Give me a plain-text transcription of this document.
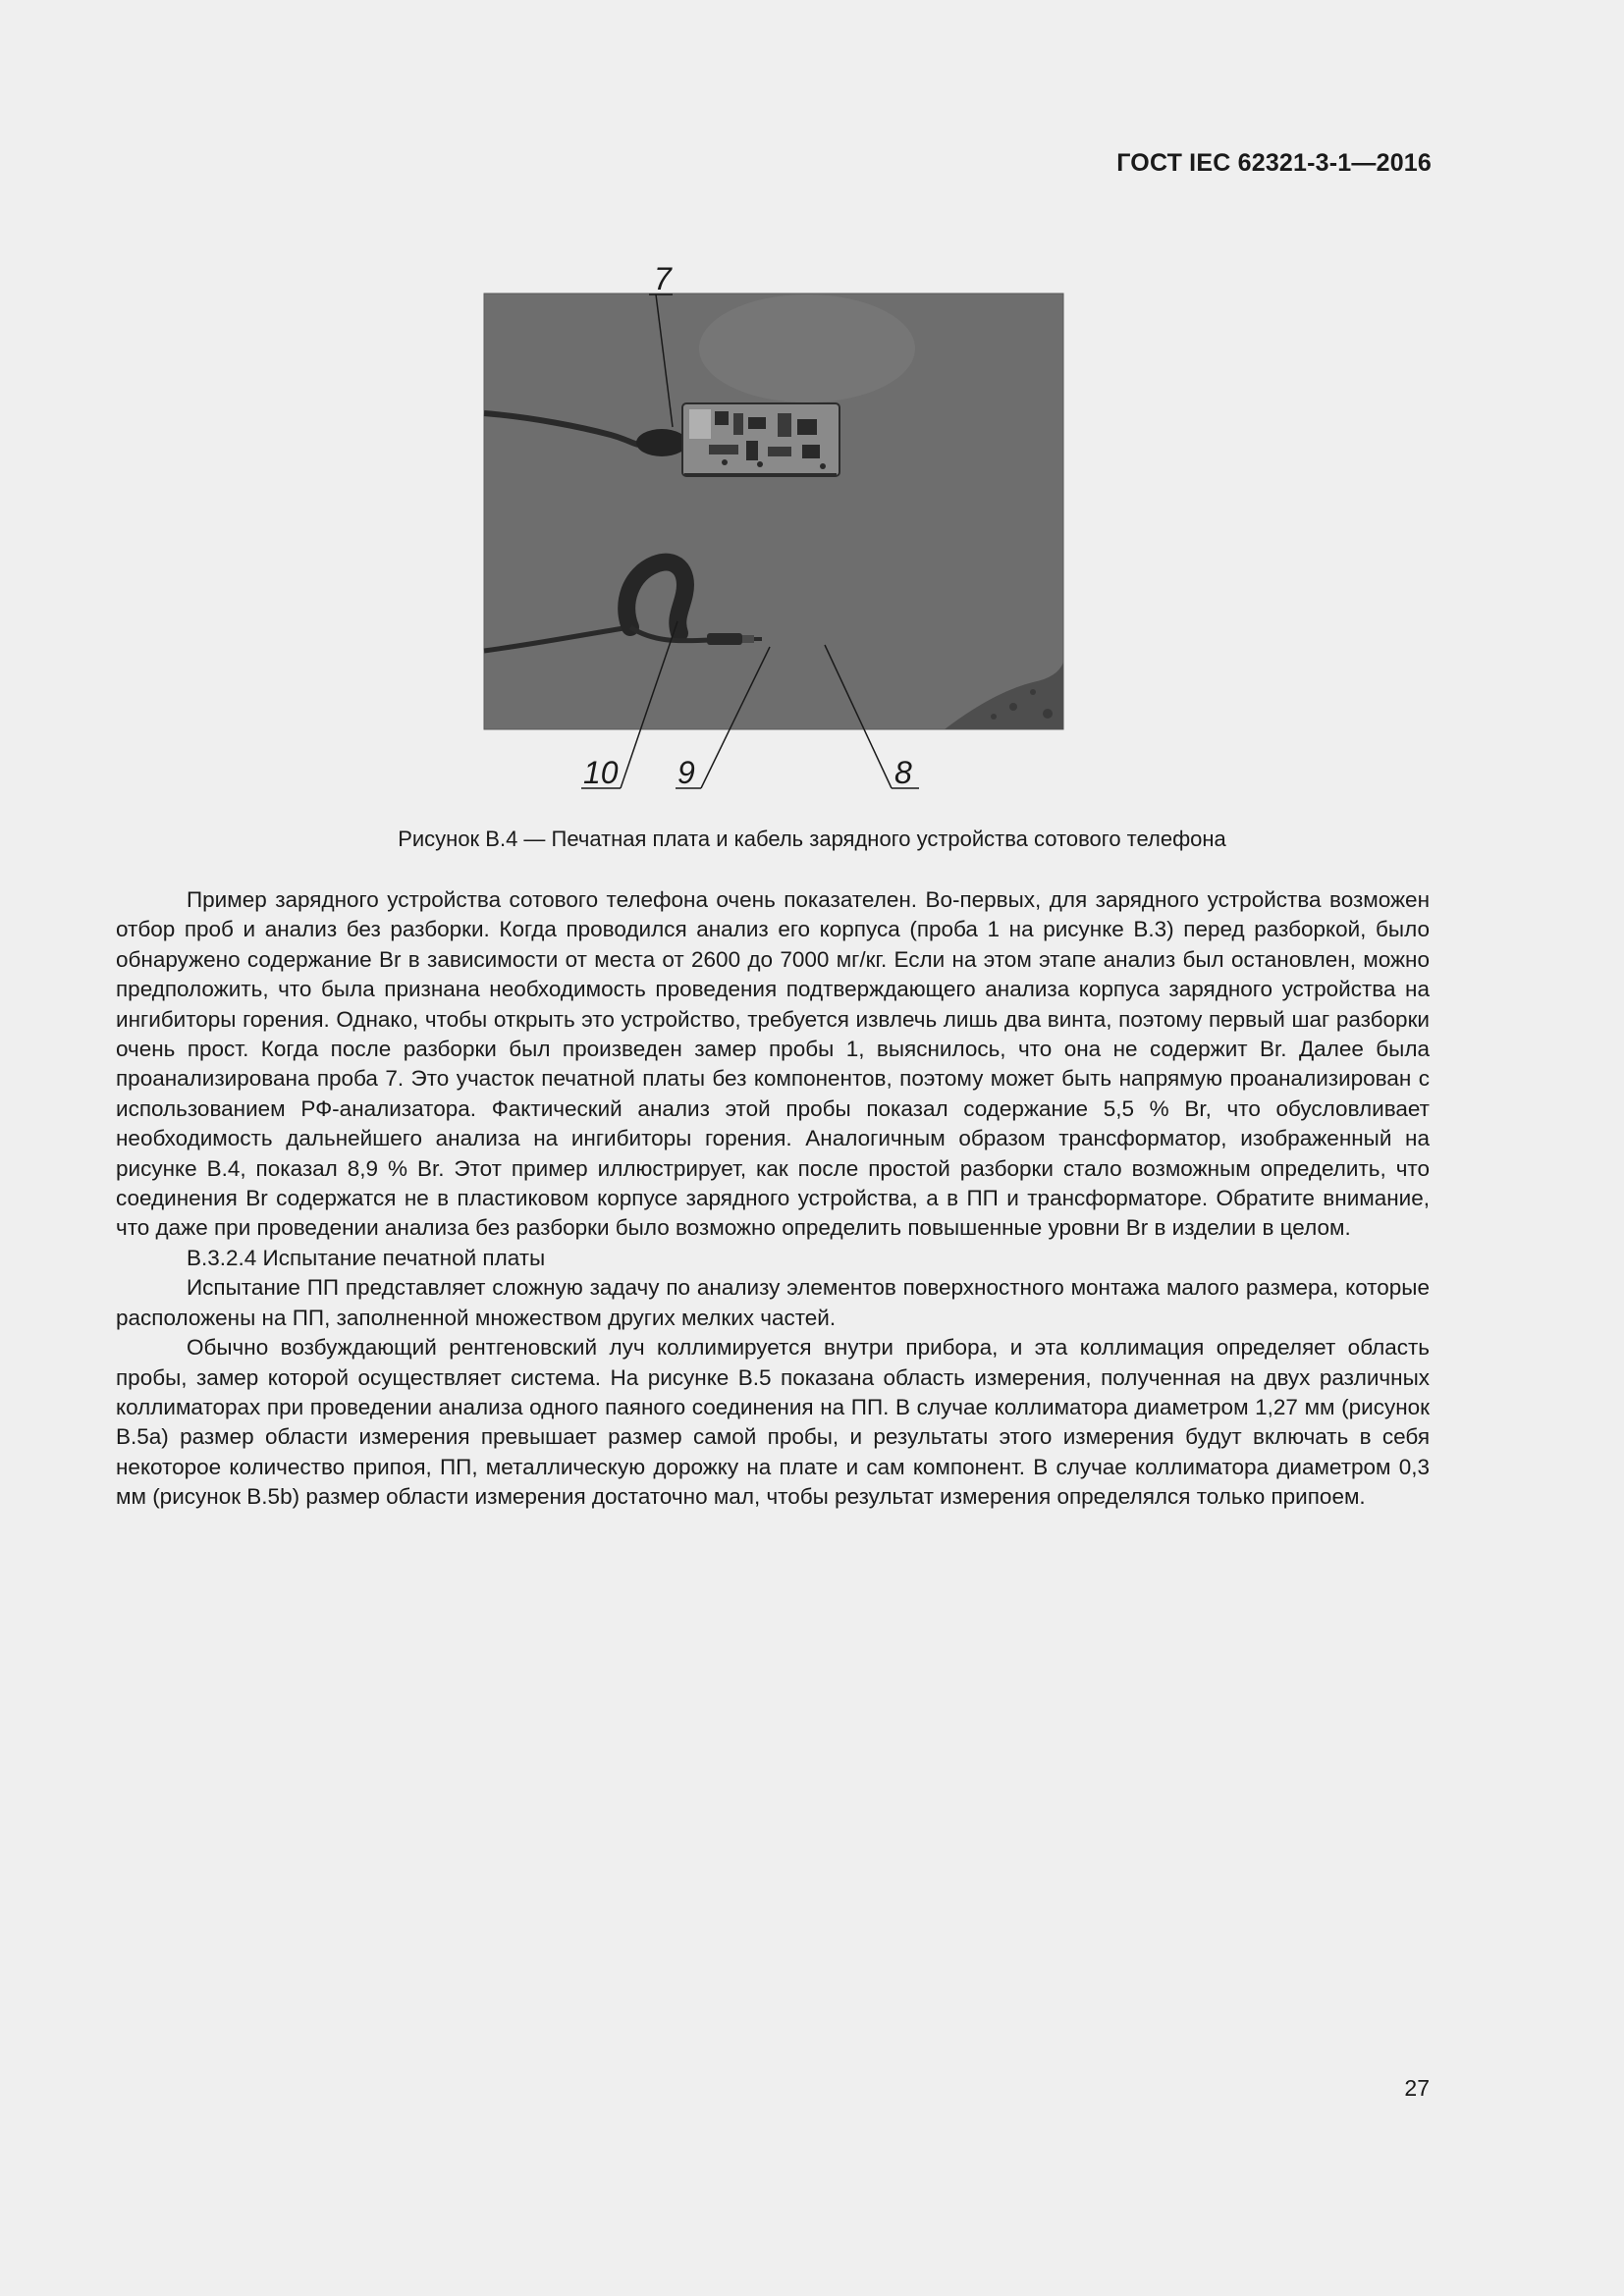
ГОСТ IEC 62321-3-1—2016
7
10 9	8
Рисунок В.4 — Печатная плата и кабель зарядного устройства сотового телефона

Пример зарядного устройства сотового телефона очень показателен. Во-первых, для зарядного устройства возможен отбор проб и анализ без разборки. Когда проводился анализ его корпуса (проба 1 на рисунке В.3) перед разборкой, было обнаружено содержание Br в зависимости от места от 2600 до 7000 мг/кг. Если на этом этапе анализ был остановлен, можно предположить, что была признана необходимость проведения подтверждающего анализа корпуса зарядного устройства на ингибиторы горения. Однако, чтобы открыть это устройство, требуется извлечь лишь два винта, поэтому первый шаг разборки очень прост. Когда после разборки был произведен замер пробы 1, выяснилось, что она не содержит Br. Далее была проанализирована проба 7. Это участок печатной платы без компонентов, поэтому может быть напрямую проанализирован с использованием РФ-анализатора. Фактический анализ этой пробы показал содержание 5,5 % Br, что обусловливает необходимость дальнейшего анализа на ингибиторы горения. Аналогичным образом трансформатор, изображенный на рисунке В.4, показал 8,9 % Br. Этот пример иллюстрирует, как после простой разборки стало возможным определить, что соединения Br содержатся не в пластиковом корпусе зарядного устройства, а в ПП и трансформаторе. Обратите внимание, что даже при проведении анализа без разборки было возможно определить повышенные уровни Br в изделии в целом.

В.3.2.4 Испытание печатной платы

Испытание ПП представляет сложную задачу по анализу элементов поверхностного монтажа малого размера, которые расположены на ПП, заполненной множеством других мелких частей.

Обычно возбуждающий рентгеновский луч коллимируется внутри прибора, и эта коллимация определяет область пробы, замер которой осуществляет система. На рисунке В.5 показана область измерения, полученная на двух различных коллиматорах при проведении анализа одного паяного соединения на ПП. В случае коллиматора диаметром 1,27 мм (рисунок В.5а) размер области измерения превышает размер самой пробы, и результаты этого измерения будут включать в себя некоторое количество припоя, ПП, металлическую дорожку на плате и сам компонент. В случае коллиматора диаметром 0,3 мм (рисунок В.5b) размер области измерения достаточно мал, чтобы результат измерения определялся только припоем.

27
